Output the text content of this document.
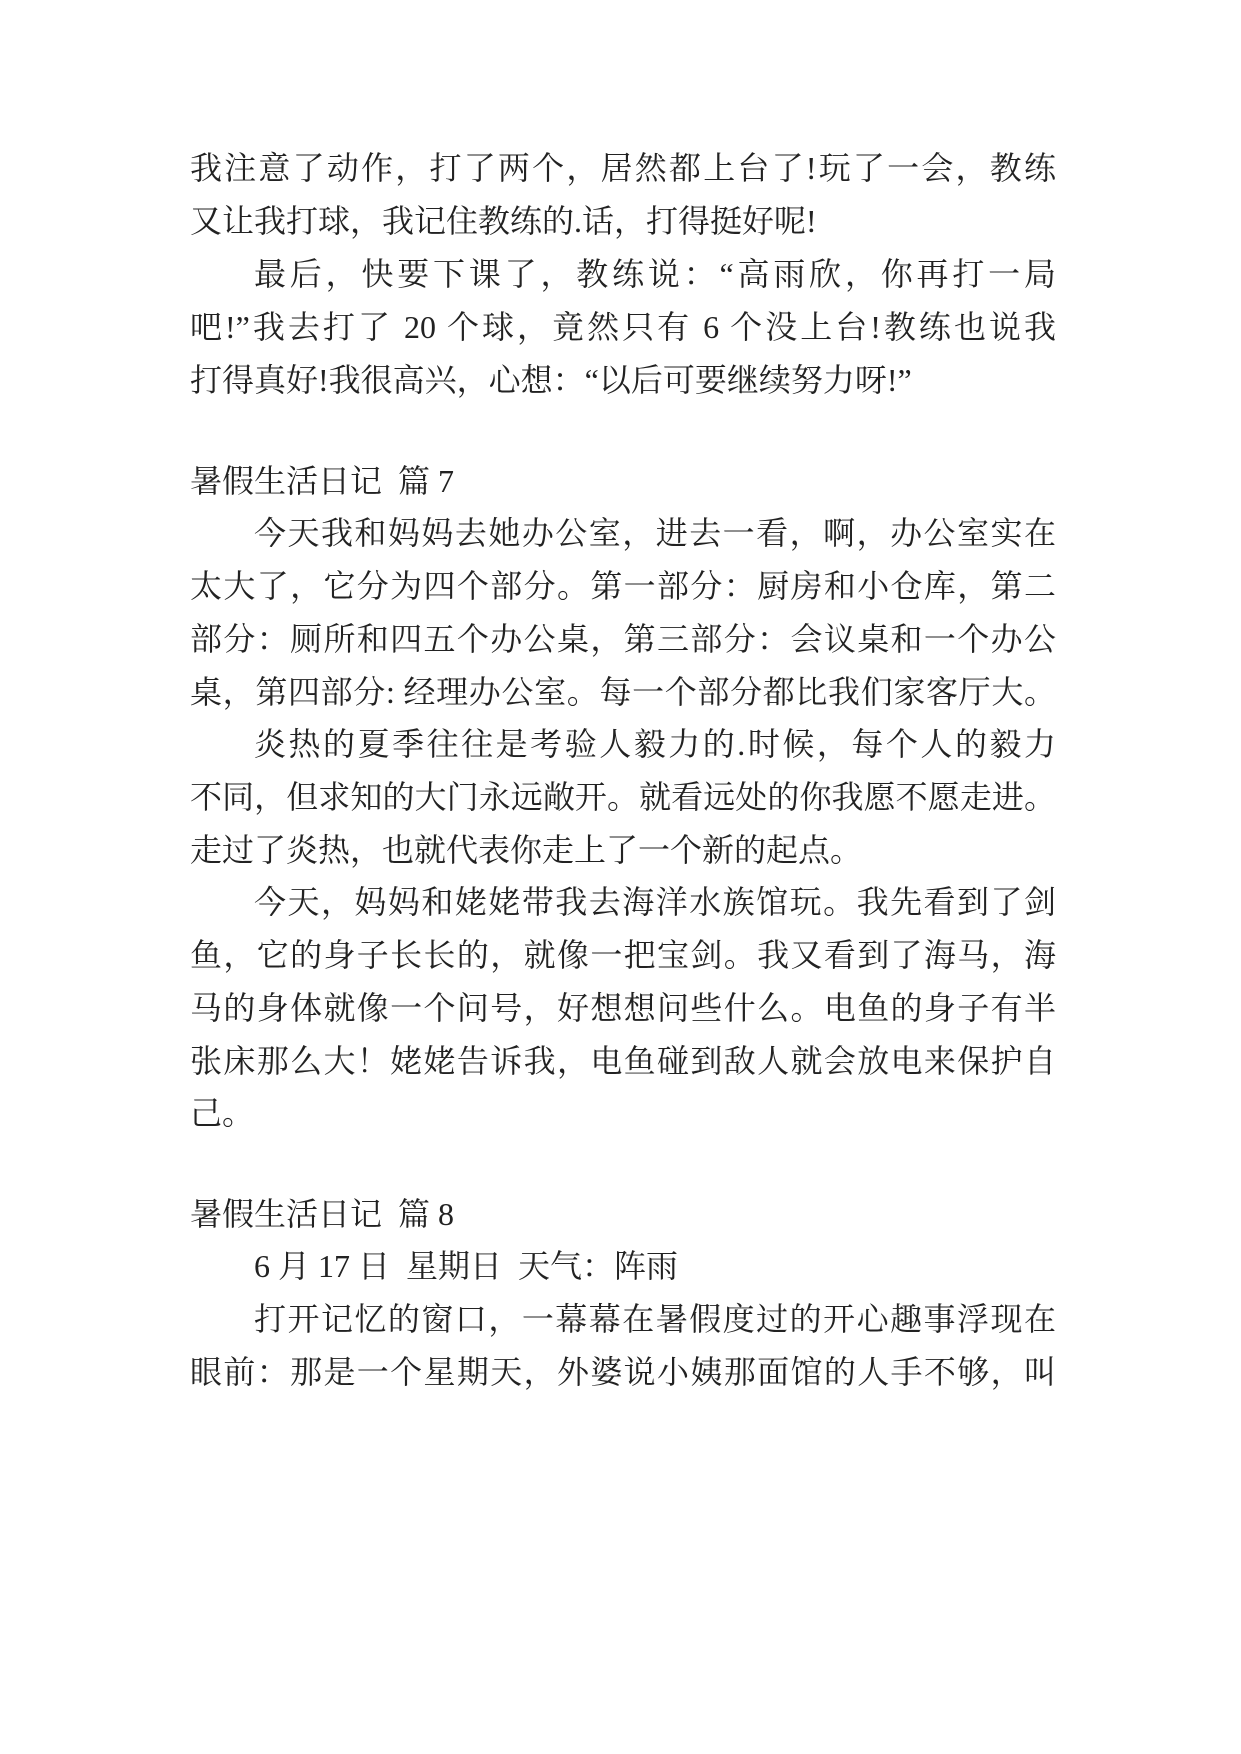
我注意了动作，打了两个，居然都上台了!玩了一会，教练
又让我打球，我记住教练的.话，打得挺好呢!
最后，快要下课了，教练说：“高雨欣，你再打一局
吧!”我去打了 20 个球，竟然只有 6 个没上台!教练也说我
打得真好!我很高兴，心想：“以后可要继续努力呀!”
暑假生活日记  篇 7
今天我和妈妈去她办公室，进去一看，啊，办公室实在
太大了，它分为四个部分。第一部分：厨房和小仓库，第二
部分：厕所和四五个办公桌，第三部分：会议桌和一个办公
桌，第四部分: 经理办公室。每一个部分都比我们家客厅大。
炎热的夏季往往是考验人毅力的.时候，每个人的毅力
不同，但求知的大门永远敞开。就看远处的你我愿不愿走进。
走过了炎热，也就代表你走上了一个新的起点。
今天，妈妈和姥姥带我去海洋水族馆玩。我先看到了剑
鱼，它的身子长长的，就像一把宝剑。我又看到了海马，海
马的身体就像一个问号，好想想问些什么。电鱼的身子有半
张床那么大！姥姥告诉我，电鱼碰到敌人就会放电来保护自
己。
暑假生活日记  篇 8
6 月 17 日  星期日  天气：阵雨
打开记忆的窗口，一幕幕在暑假度过的开心趣事浮现在
眼前：那是一个星期天，外婆说小姨那面馆的人手不够，叫
